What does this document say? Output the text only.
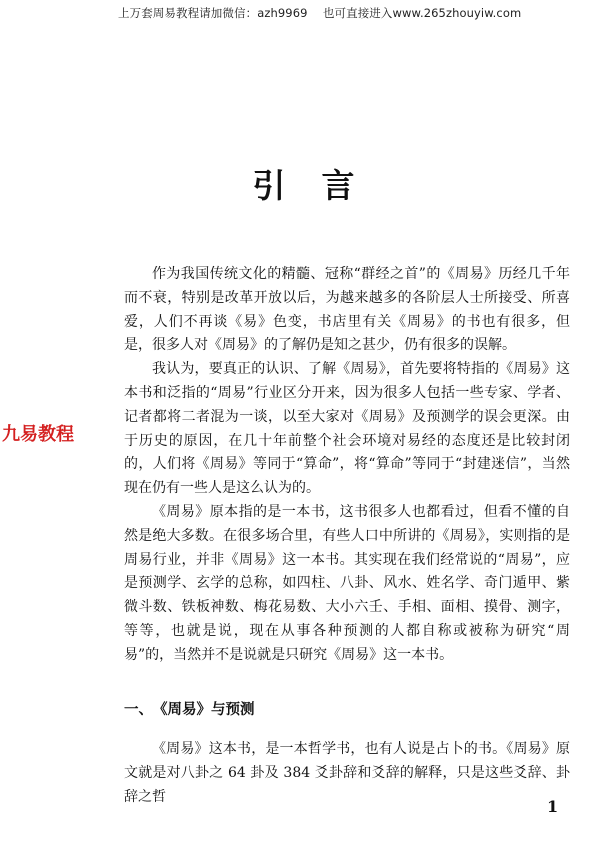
上万套周易教程请加微信：azh9969　 也可直接进入www.265zhouyiw.com
引言
九易教程

作为我国传统文化的精髓、冠称“群经之首”的《周易》历经几千年而不衰，特别是改革开放以后，为越来越多的各阶层人士所接受、所喜爱，人们不再谈《易》色变，书店里有关《周易》的书也有很多，但是，很多人对《周易》的了解仍是知之甚少，仍有很多的误解。

我认为，要真正的认识、了解《周易》，首先要将特指的《周易》这本书和泛指的“周易”行业区分开来，因为很多人包括一些专家、学者、记者都将二者混为一谈，以至大家对《周易》及预测学的误会更深。由于历史的原因，在几十年前整个社会环境对易经的态度还是比较封闭的，人们将《周易》等同于“算命”，将“算命”等同于“封建迷信”，当然现在仍有一些人是这么认为的。

《周易》原本指的是一本书，这书很多人也都看过，但看不懂的自然是绝大多数。在很多场合里，有些人口中所讲的《周易》，实则指的是周易行业，并非《周易》这一本书。其实现在我们经常说的“周易”，应是预测学、玄学的总称，如四柱、八卦、风水、姓名学、奇门遁甲、紫微斗数、铁板神数、梅花易数、大小六壬、手相、面相、摸骨、测字，等等，也就是说，现在从事各种预测的人都自称或被称为研究“周易”的，当然并不是说就是只研究《周易》这一本书。

一、　《周易》与预测

《周易》这本书，是一本哲学书，也有人说是占卜的书。《周易》原文就是对八卦之 64 卦及 384 爻卦辞和爻辞的解释，只是这些爻辞、卦辞之哲

1
